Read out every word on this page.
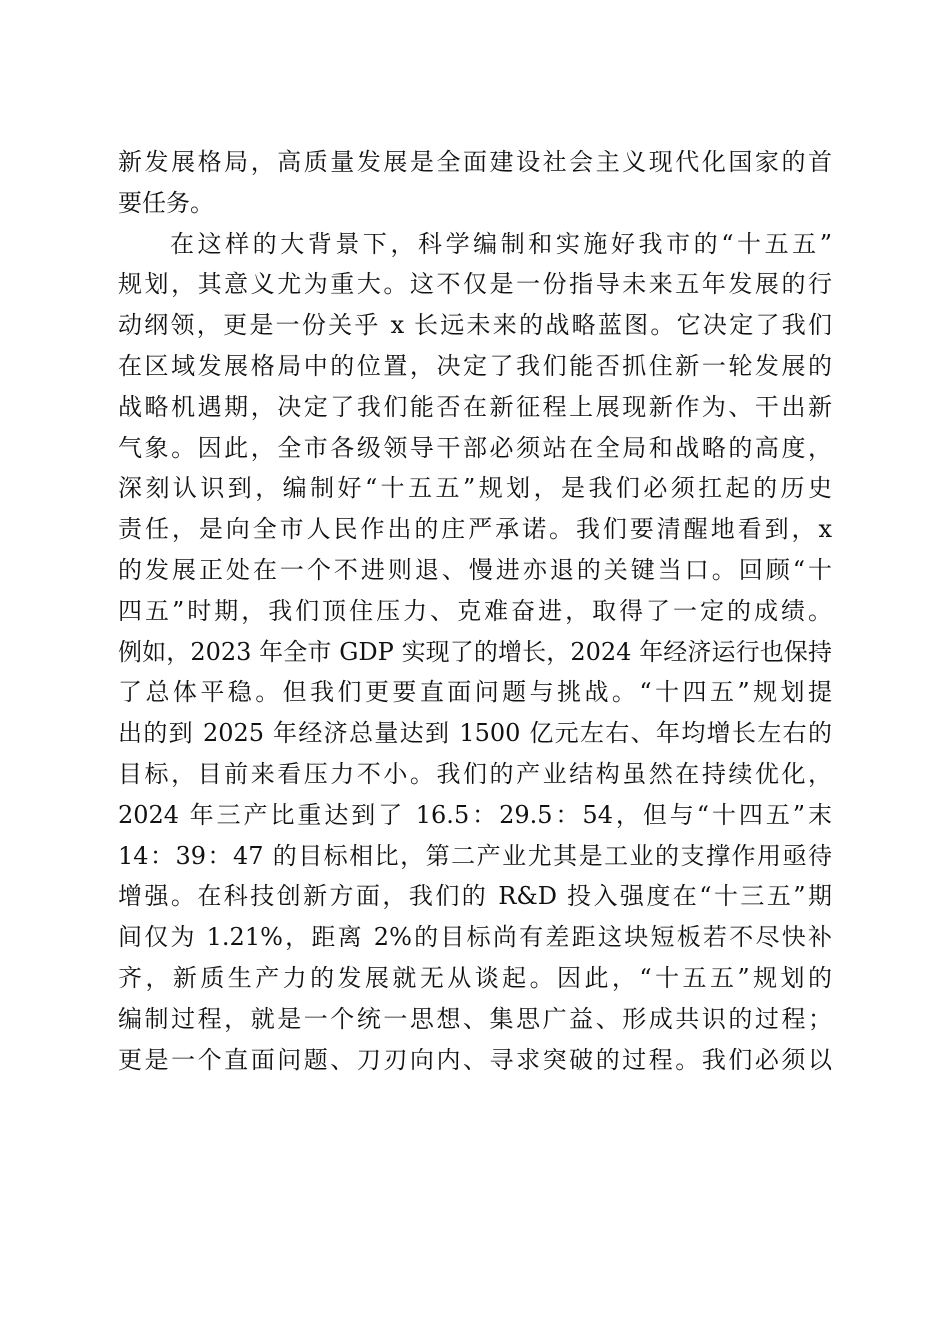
新发展格局，高质量发展是全面建设社会主义现代化国家的首
要任务。
在这样的大背景下，科学编制和实施好我市的“十五五”
规划，其意义尤为重大。这不仅是一份指导未来五年发展的行
动纲领，更是一份关乎 x 长远未来的战略蓝图。它决定了我们
在区域发展格局中的位置，决定了我们能否抓住新一轮发展的
战略机遇期，决定了我们能否在新征程上展现新作为、干出新
气象。因此，全市各级领导干部必须站在全局和战略的高度，
深刻认识到，编制好“十五五”规划，是我们必须扛起的历史
责任，是向全市人民作出的庄严承诺。我们要清醒地看到，x
的发展正处在一个不进则退、慢进亦退的关键当口。回顾“十
四五”时期，我们顶住压力、克难奋进，取得了一定的成绩。
例如，2023 年全市 GDP 实现了的增长，2024 年经济运行也保持
了总体平稳。但我们更要直面问题与挑战。“十四五”规划提
出的到 2025 年经济总量达到 1500 亿元左右、年均增长左右的
目标，目前来看压力不小。我们的产业结构虽然在持续优化，
2024 年三产比重达到了 16.5：29.5：54，但与“十四五”末
14：39：47 的目标相比，第二产业尤其是工业的支撑作用亟待
增强。在科技创新方面，我们的 R&D 投入强度在“十三五”期
间仅为 1.21%，距离 2%的目标尚有差距这块短板若不尽快补
齐，新质生产力的发展就无从谈起。因此，“十五五”规划的
编制过程，就是一个统一思想、集思广益、形成共识的过程；
更是一个直面问题、刀刃向内、寻求突破的过程。我们必须以
